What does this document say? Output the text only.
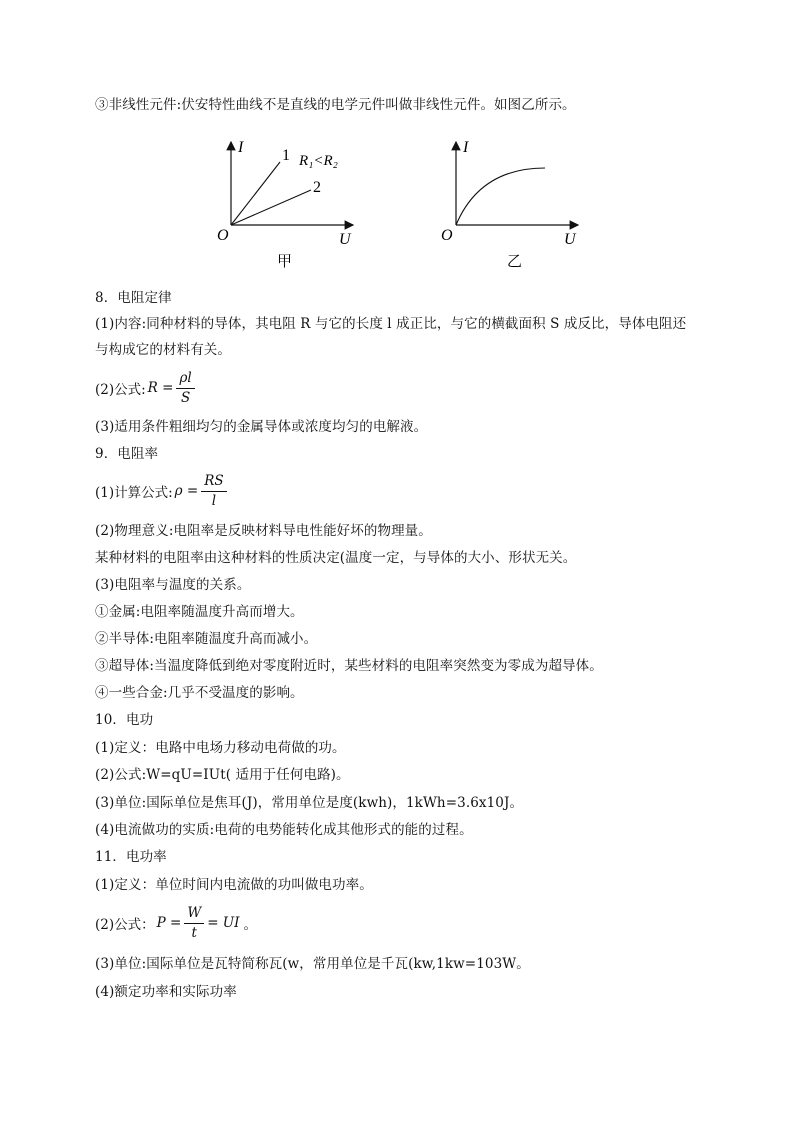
③非线性元件:伏安特性曲线不是直线的电学元件叫做非线性元件。如图乙所示。
I
U
O
1
2
R₁<R₂
甲
I
U
O
乙
8．电阻定律
(1)内容:同种材料的导体，其电阻 R 与它的长度 l 成正比，与它的横截面积 S 成反比，导体电阻还
与构成它的材料有关。
(2)公式: $R = \frac{\rho l}{S}$
(3)适用条件粗细均匀的金属导体或浓度均匀的电解液。
9．电阻率
(1)计算公式: $\rho = \frac{RS}{l}$
(2)物理意义:电阻率是反映材料导电性能好坏的物理量。
某种材料的电阻率由这种材料的性质决定(温度一定，与导体的大小、形状无关。
(3)电阻率与温度的关系。
①金属:电阻率随温度升高而增大。
②半导体:电阻率随温度升高而减小。
③超导体:当温度降低到绝对零度附近时，某些材料的电阻率突然变为零成为超导体。
④一些合金:几乎不受温度的影响。
10．电功
(1)定义：电路中电场力移动电荷做的功。
(2)公式:W=qU=IUt( 适用于任何电路)。
(3)单位:国际单位是焦耳(J)，常用单位是度(kwh)，1kWh=3.6x10J。
(4)电流做功的实质:电荷的电势能转化成其他形式的能的过程。
11．电功率
(1)定义：单位时间内电流做的功叫做电功率。
(2)公式： $P = \frac{W}{t}$ = UI 。
(3)单位:国际单位是瓦特简称瓦(w，常用单位是千瓦(kw,1kw=103W。
(4)额定功率和实际功率
